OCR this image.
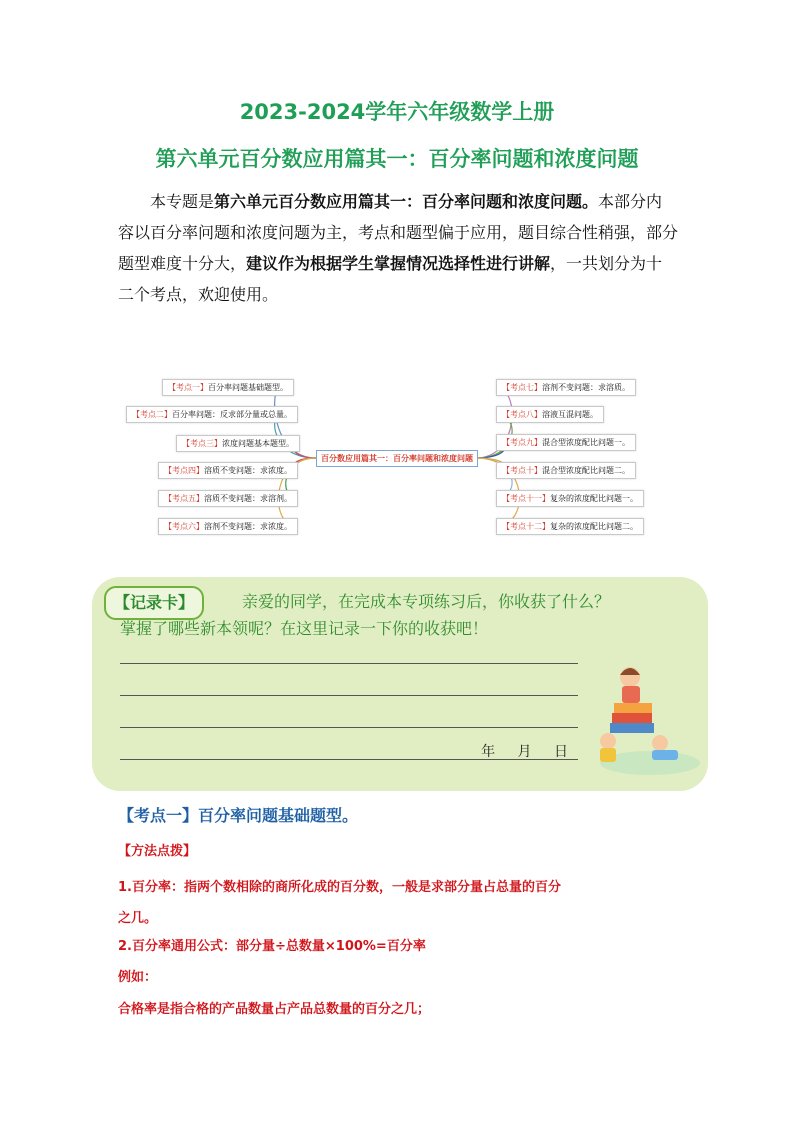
2023-2024学年六年级数学上册
第六单元百分数应用篇其一：百分率问题和浓度问题
本专题是第六单元百分数应用篇其一：百分率问题和浓度问题。本部分内容以百分率问题和浓度问题为主，考点和题型偏于应用，题目综合性稍强，部分题型难度十分大，建议作为根据学生掌握情况选择性进行讲解，一共划分为十二个考点，欢迎使用。
百分数应用篇其一：百分率问题和浓度问题
【考点一】百分率问题基础题型。
【考点二】百分率问题：反求部分量或总量。
【考点三】浓度问题基本题型。
【考点四】溶质不变问题：求浓度。
【考点五】溶质不变问题：求溶剂。
【考点六】溶剂不变问题：求浓度。
【考点七】溶剂不变问题：求溶质。
【考点八】溶液互混问题。
【考点九】混合型浓度配比问题一。
【考点十】混合型浓度配比问题二。
【考点十一】复杂的浓度配比问题一。
【考点十二】复杂的浓度配比问题二。
【记录卡】	亲爱的同学，在完成本专项练习后，你收获了什么？
掌握了哪些新本领呢？在这里记录一下你的收获吧！
年 月 日
【考点一】百分率问题基础题型。
【方法点拨】
1.百分率：指两个数相除的商所化成的百分数，一般是求部分量占总量的百分
之几。
2.百分率通用公式：部分量÷总数量×100%=百分率
例如：
合格率是指合格的产品数量占产品总数量的百分之几；
